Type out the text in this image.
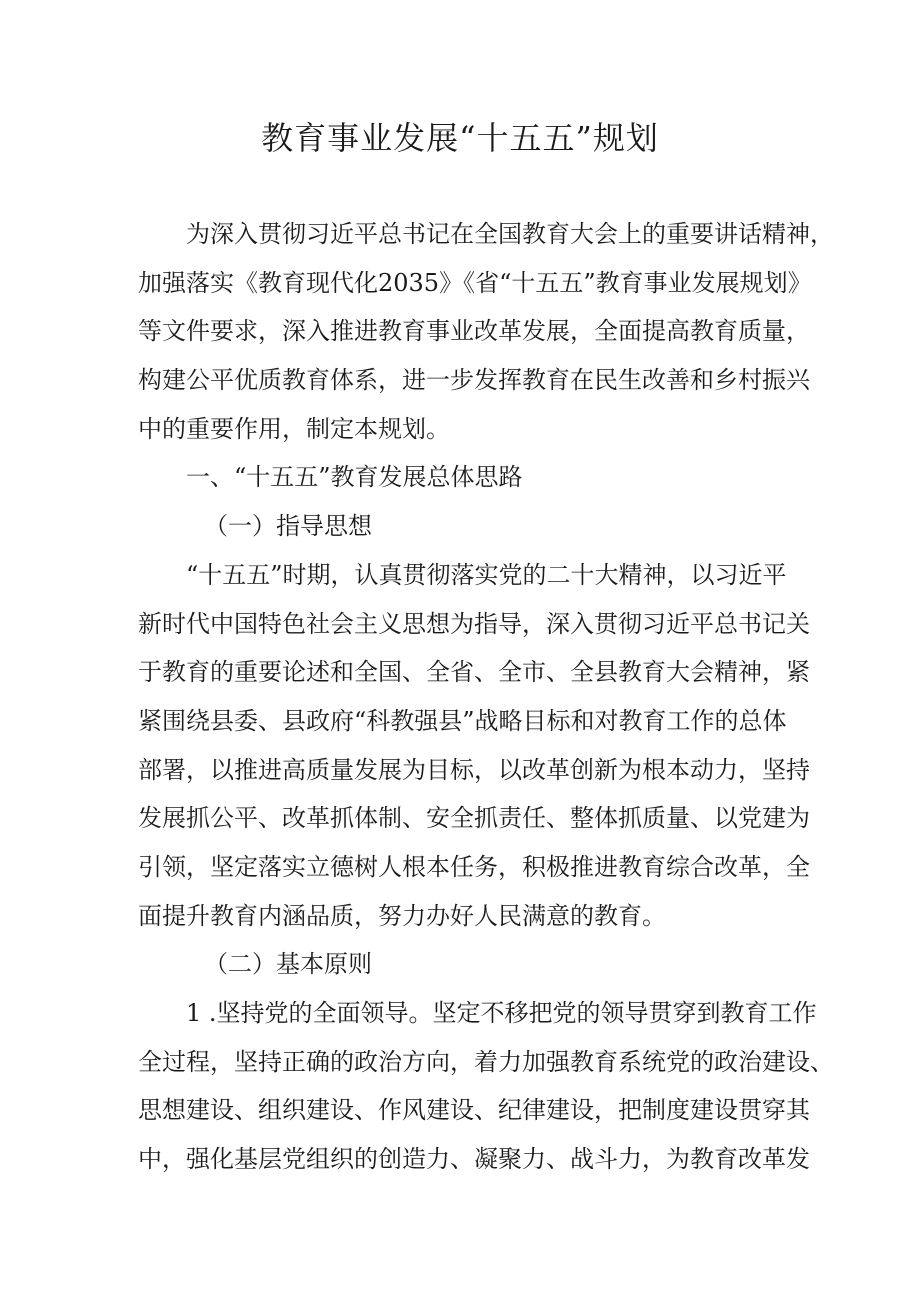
教育事业发展“十五五”规划
为深入贯彻习近平总书记在全国教育大会上的重要讲话精神，
加强落实《教育现代化2035》《省“十五五”教育事业发展规划》
等文件要求，深入推进教育事业改革发展，全面提高教育质量，
构建公平优质教育体系，进一步发挥教育在民生改善和乡村振兴
中的重要作用，制定本规划。
一、“十五五”教育发展总体思路
（一）指导思想
“十五五”时期，认真贯彻落实党的二十大精神，以习近平
新时代中国特色社会主义思想为指导，深入贯彻习近平总书记关
于教育的重要论述和全国、全省、全市、全县教育大会精神，紧
紧围绕县委、县政府“科教强县”战略目标和对教育工作的总体
部署，以推进高质量发展为目标，以改革创新为根本动力，坚持
发展抓公平、改革抓体制、安全抓责任、整体抓质量、以党建为
引领，坚定落实立德树人根本任务，积极推进教育综合改革，全
面提升教育内涵品质，努力办好人民满意的教育。
（二）基本原则
1 .坚持党的全面领导。坚定不移把党的领导贯穿到教育工作
全过程，坚持正确的政治方向，着力加强教育系统党的政治建设、
思想建设、组织建设、作风建设、纪律建设，把制度建设贯穿其
中，强化基层党组织的创造力、凝聚力、战斗力，为教育改革发
